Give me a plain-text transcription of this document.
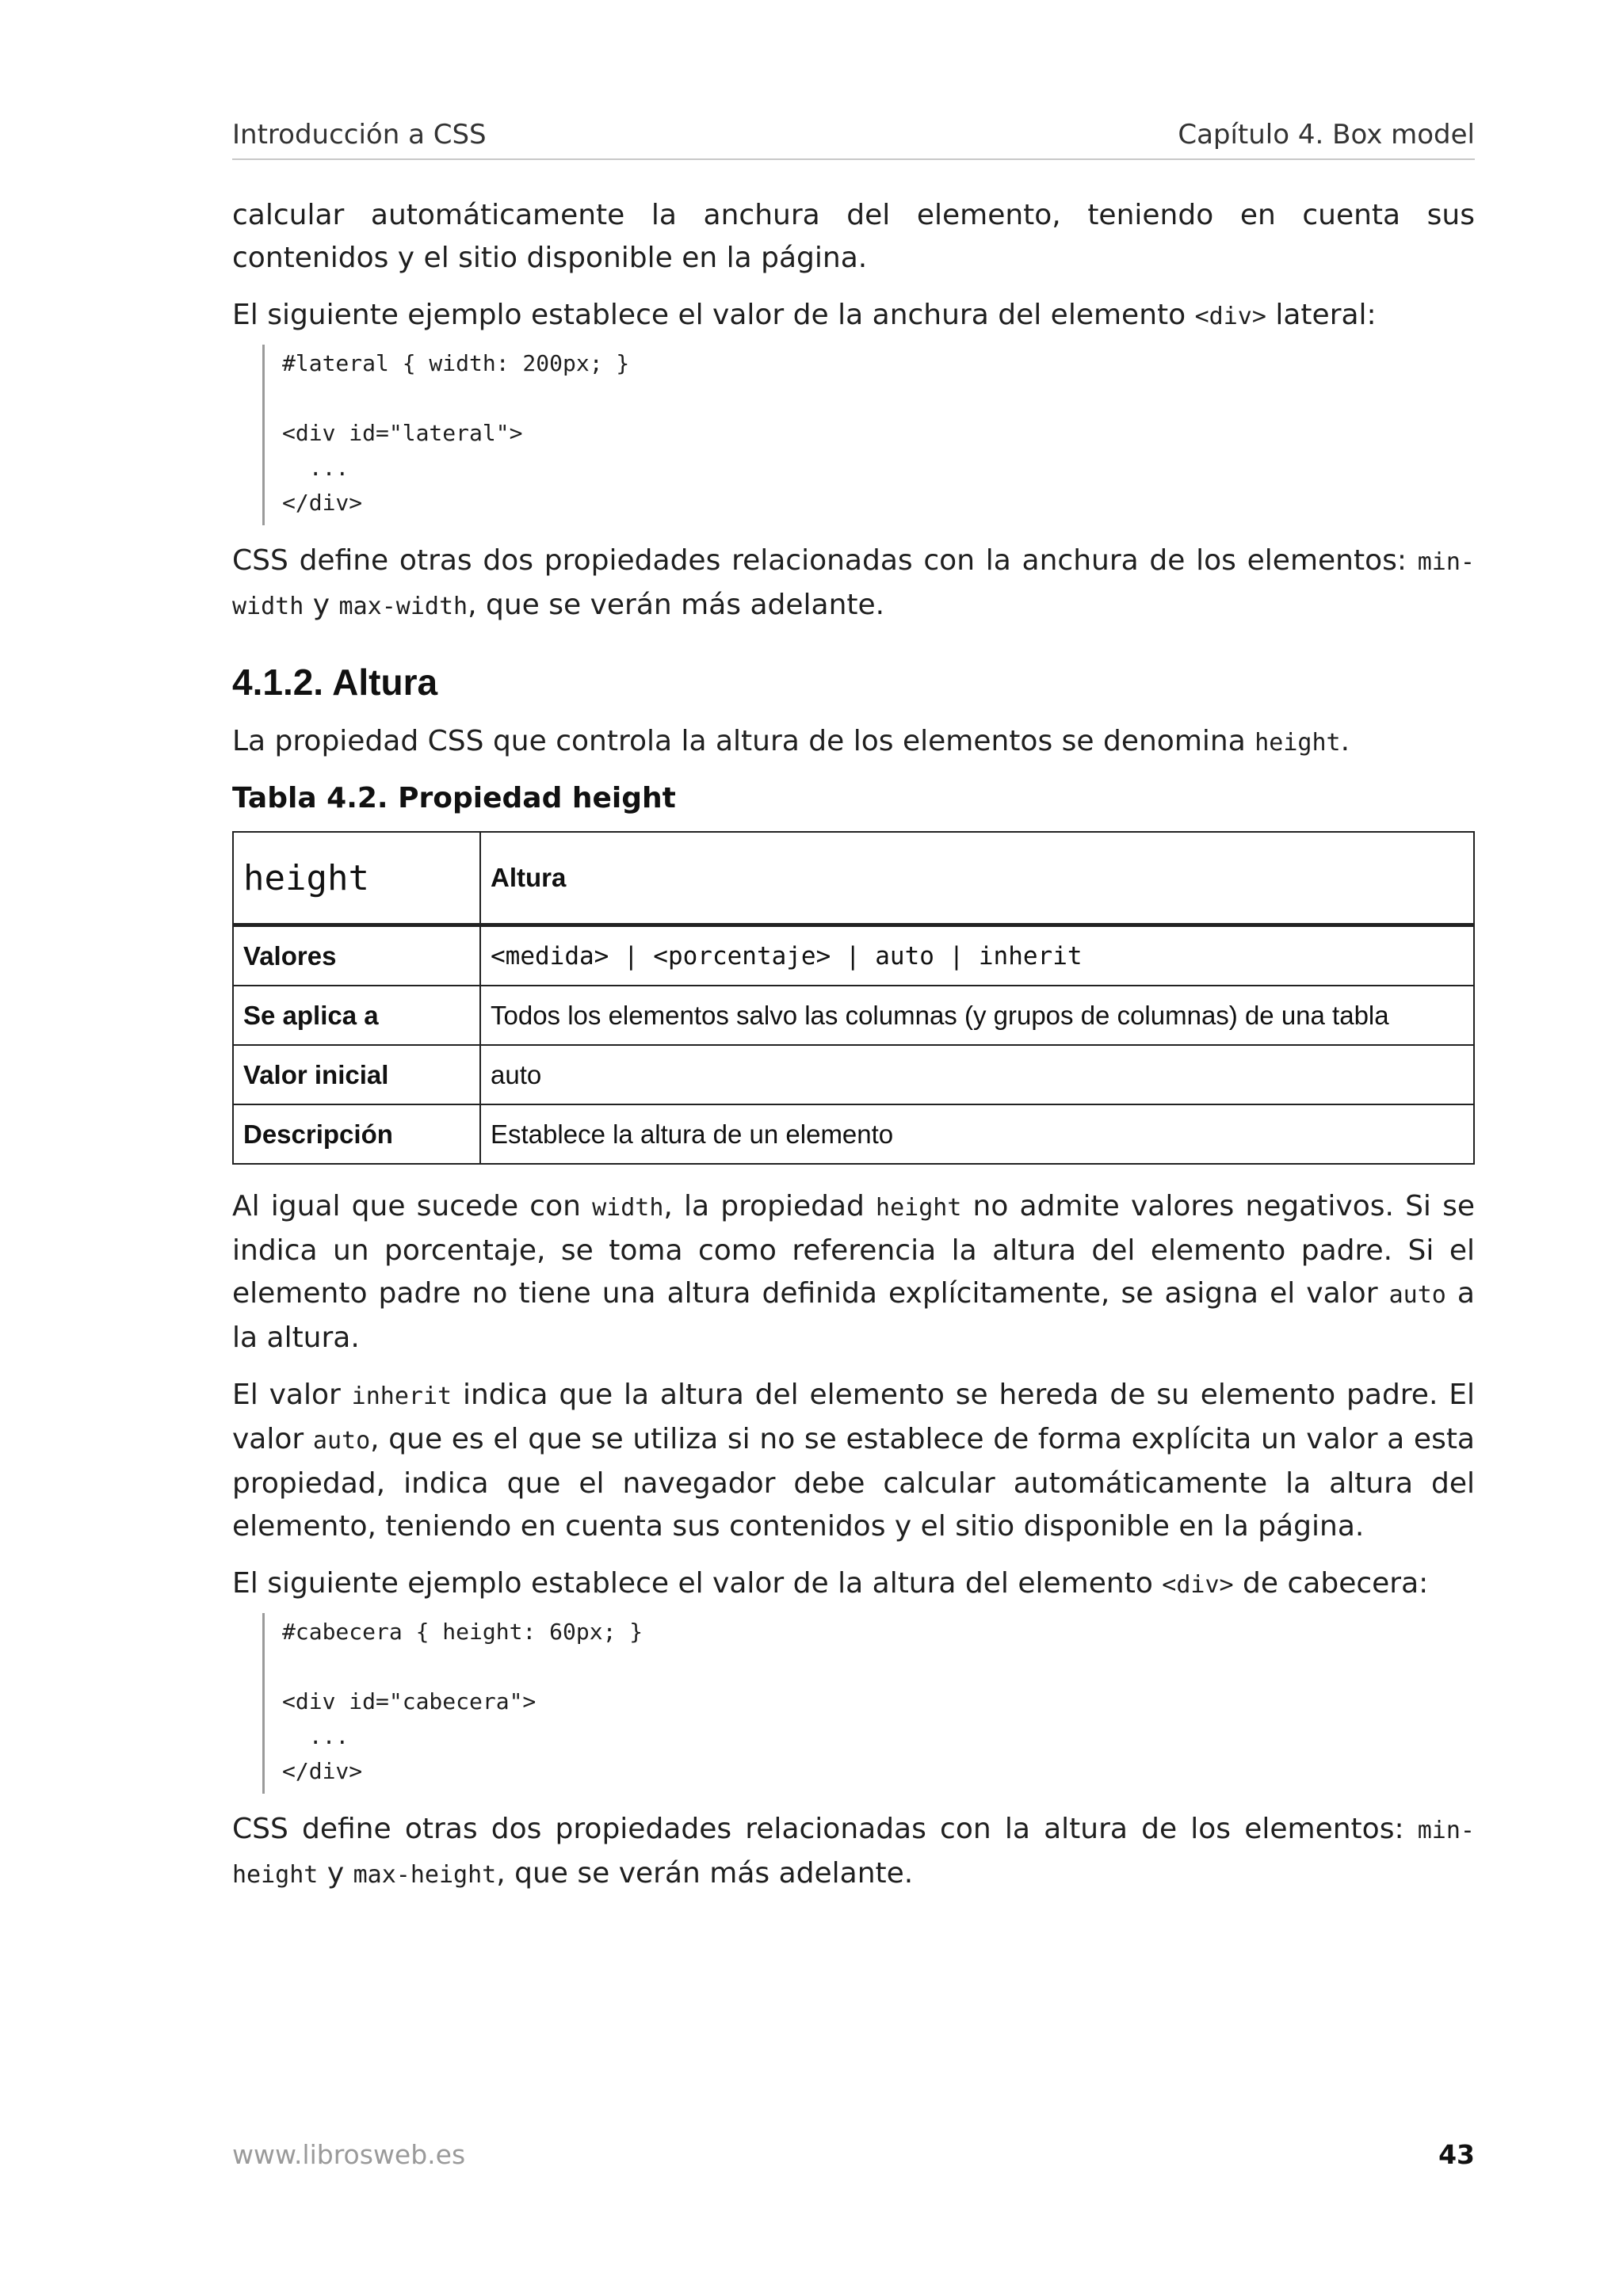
Introducción a CSS	Capítulo 4. Box model

calcular automáticamente la anchura del elemento, teniendo en cuenta sus contenidos y el sitio disponible en la página.

El siguiente ejemplo establece el valor de la anchura del elemento <div> lateral:

#lateral { width: 200px; }

<div id="lateral">
...
</div>

CSS define otras dos propiedades relacionadas con la anchura de los elementos: min-width y max-width, que se verán más adelante.

4.1.2. Altura

La propiedad CSS que controla la altura de los elementos se denomina height.

Tabla 4.2. Propiedad height
height	Altura
Valores	<medida> | <porcentaje> | auto | inherit
Se aplica a	Todos los elementos salvo las columnas (y grupos de columnas) de una tabla
Valor inicial	auto
Descripción	Establece la altura de un elemento

Al igual que sucede con width, la propiedad height no admite valores negativos. Si se indica un porcentaje, se toma como referencia la altura del elemento padre. Si el elemento padre no tiene una altura definida explícitamente, se asigna el valor auto a la altura.

El valor inherit indica que la altura del elemento se hereda de su elemento padre. El valor auto, que es el que se utiliza si no se establece de forma explícita un valor a esta propiedad, indica que el navegador debe calcular automáticamente la altura del elemento, teniendo en cuenta sus contenidos y el sitio disponible en la página.

El siguiente ejemplo establece el valor de la altura del elemento <div> de cabecera:

#cabecera { height: 60px; }

<div id="cabecera">
...
</div>

CSS define otras dos propiedades relacionadas con la altura de los elementos: min-height y max-height, que se verán más adelante.

www.librosweb.es	43
